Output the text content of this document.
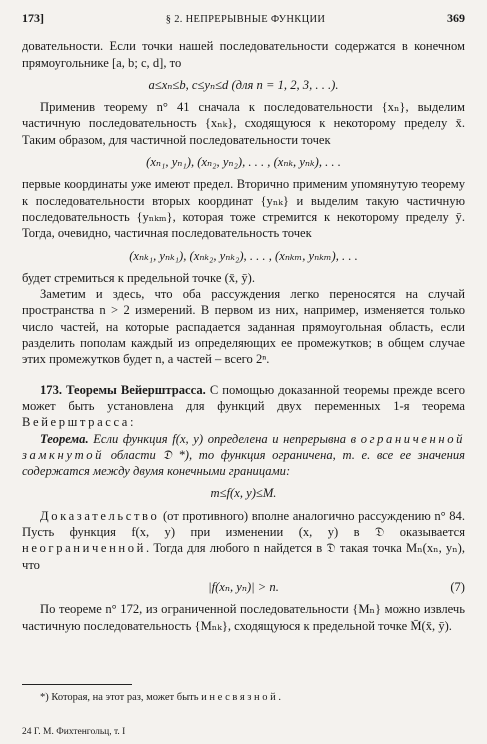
173]	§ 2. НЕПРЕРЫВНЫЕ ФУНКЦИИ	369

довательности. Если точки нашей последовательности содержатся в конечном прямоугольнике [a, b; c, d], то

a≤xₙ≤b, c≤yₙ≤d (для n = 1, 2, 3, . . .).

Применив теорему n° 41 сначала к последовательности {xₙ}, выделим частичную последовательность {xₙₖ}, сходящуюся к некоторому пределу x̄. Таким образом, для частичной последовательности точек

(xₙ₁, yₙ₁), (xₙ₂, yₙ₂), . . . , (xₙₖ, yₙₖ), . . .

первые координаты уже имеют предел. Вторично применим упомянутую теорему к последовательности вторых координат {yₙₖ} и выделим такую частичную последовательность {yₙₖₘ}, которая тоже стремится к некоторому пределу ȳ. Тогда, очевидно, частичная последовательность точек

(xₙₖ₁, yₙₖ₁), (xₙₖ₂, yₙₖ₂), . . . , (xₙₖₘ, yₙₖₘ), . . .

будет стремиться к предельной точке (x̄, ȳ).

Заметим и здесь, что оба рассуждения легко переносятся на случай пространства n > 2 измерений. В первом из них, например, изменяется только число частей, на которые распадается заданная прямоугольная область, если разделить пополам каждый из определяющих ее промежутков; в общем случае этих промежутков будет n, а частей – всего 2ⁿ.

173. Теоремы Вейерштрасса. С помощью доказанной теоремы прежде всего может быть установлена для функций двух переменных 1-я теорема Вейерштрасса:

Теорема. Если функция f(x, y) определена и непрерывна в ограниченной замкнутой области 𝔇 *), то функция ограничена, т. е. все ее значения содержатся между двумя конечными границами:

m≤f(x, y)≤M.

Доказательство (от противного) вполне аналогично рассуждению n° 84. Пусть функция f(x, y) при изменении (x, y) в 𝔇 оказывается неограниченной. Тогда для любого n найдется в 𝔇 такая точка Mₙ(xₙ, yₙ), что

|f(xₙ, yₙ)| > n.	(7)

По теореме n° 172, из ограниченной последовательности {Mₙ} можно извлечь частичную последовательность {Mₙₖ}, сходящуюся к предельной точке M̄(x̄, ȳ).

*) Которая, на этот раз, может быть и несвязной.
24 Г. М. Фихтенгольц, т. I
